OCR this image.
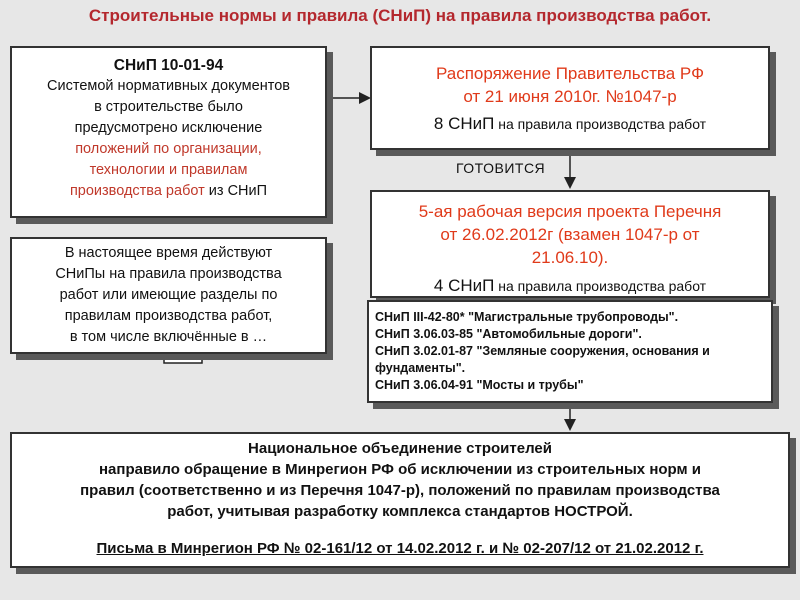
Строительные нормы и правила (СНиП) на правила производства работ.
СНиП 10-01-94
Системой нормативных документов
в строительстве было
предусмотрено исключение
положений по организации,
технологии и правилам
производства работ из СНиП
Распоряжение Правительства РФ
от 21 июня 2010г. №1047-р
8 СНиП на правила производства работ
ГОТОВИТСЯ
В настоящее время действуют
СНиПы на правила производства
работ или имеющие разделы по
правилам производства работ,
в том числе включённые в …
5-ая рабочая версия проекта Перечня
от 26.02.2012г (взамен 1047-р от
21.06.10).
4 СНиП на правила производства работ
СНиП III-42-80* "Магистральные трубопроводы".
СНиП 3.06.03-85 "Автомобильные дороги".
СНиП 3.02.01-87 "Земляные сооружения, основания и фундаменты".
СНиП 3.06.04-91 "Мосты и трубы"
Национальное объединение строителей
направило обращение в Минрегион РФ об исключении из строительных норм и
правил (соответственно и из Перечня 1047-р), положений по правилам производства
работ, учитывая разработку комплекса стандартов НОСТРОЙ.
Письма в Минрегион РФ № 02-161/12 от 14.02.2012 г. и № 02-207/12 от 21.02.2012 г.
